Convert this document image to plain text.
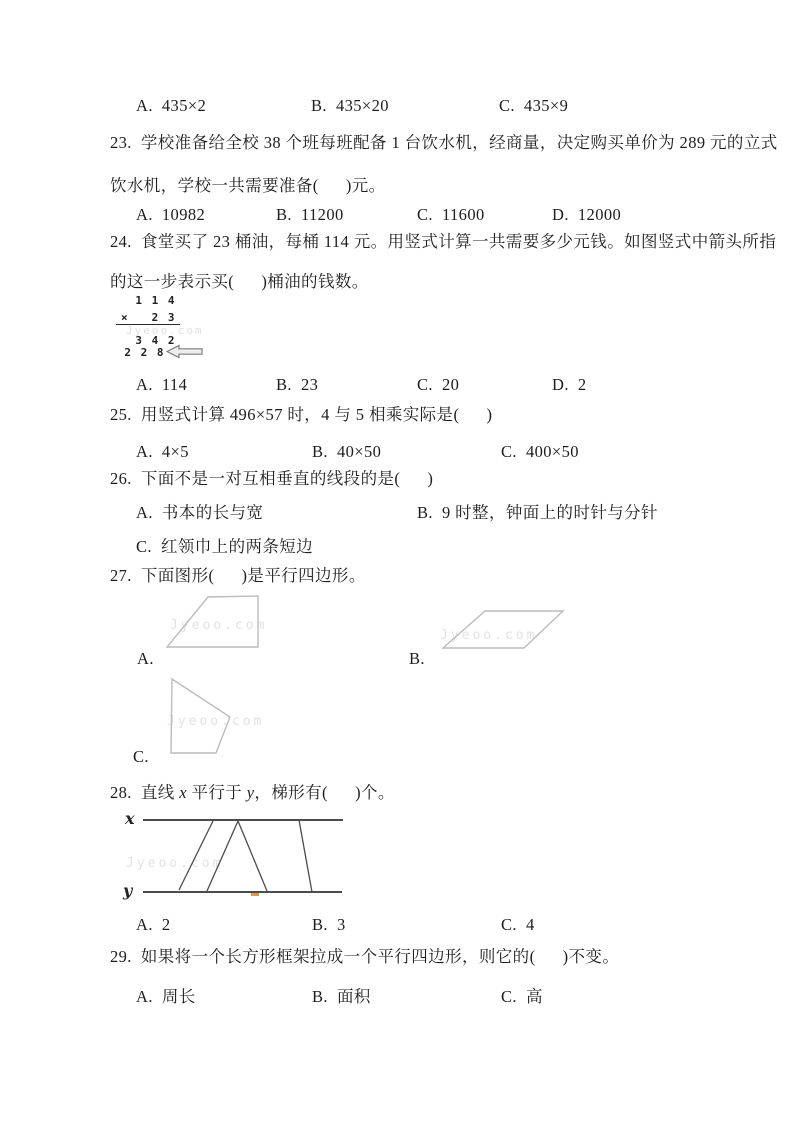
A.  435×2	B.  435×20	C.  435×9
23.  学校准备给全校 38 个班每班配备 1 台饮水机，经商量，决定购买单价为 289 元的立式
饮水机，学校一共需要准备(      )元。
A.  10982	B.  11200	C.  11600	D.  12000
24.  食堂买了 23 桶油，每桶 114 元。用竖式计算一共需要多少元钱。如图竖式中箭头所指
的这一步表示买(      )桶油的钱数。
Jyeoo.com
1 1 4
× 2 3
3 4 2
2 2 8
A.  114	B.  23	C.  20	D.  2
25.  用竖式计算 496×57 时，4 与 5 相乘实际是(      )
A.  4×5	B.  40×50	C.  400×50
26.  下面不是一对互相垂直的线段的是(      )
A.  书本的长与宽	B.  9 时整，钟面上的时针与分针
C.  红领巾上的两条短边
27.  下面图形(      )是平行四边形。
Jyeoo.com
Jyeoo.com
A.	B.
Jyeoo.com
C.
28.  直线 x 平行于 y，梯形有(      )个。
Jyeoo.com
x
y
A.  2	B.  3	C.  4
29.  如果将一个长方形框架拉成一个平行四边形，则它的(      )不变。
A.  周长	B.  面积	C.  高
